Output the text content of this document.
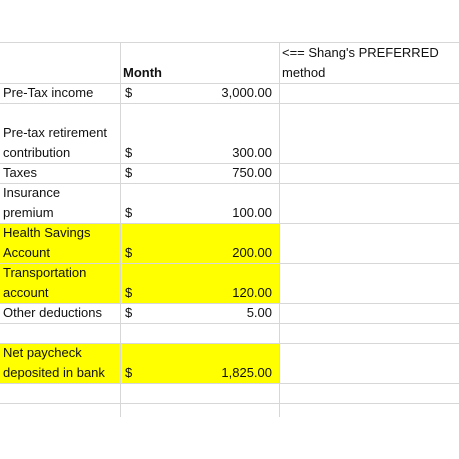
Month
<== Shang's PREFERRED
method
Pre-Tax income $	3,000.00
Pre-tax retirement
contribution	$	300.00
Taxes	$	750.00
Insurance
premium	$	100.00
Health Savings
Account	$	200.00
Transportation
account	$	120.00
Other deductions $	5.00
Net paycheck
deposited in bank $	1,825.00
